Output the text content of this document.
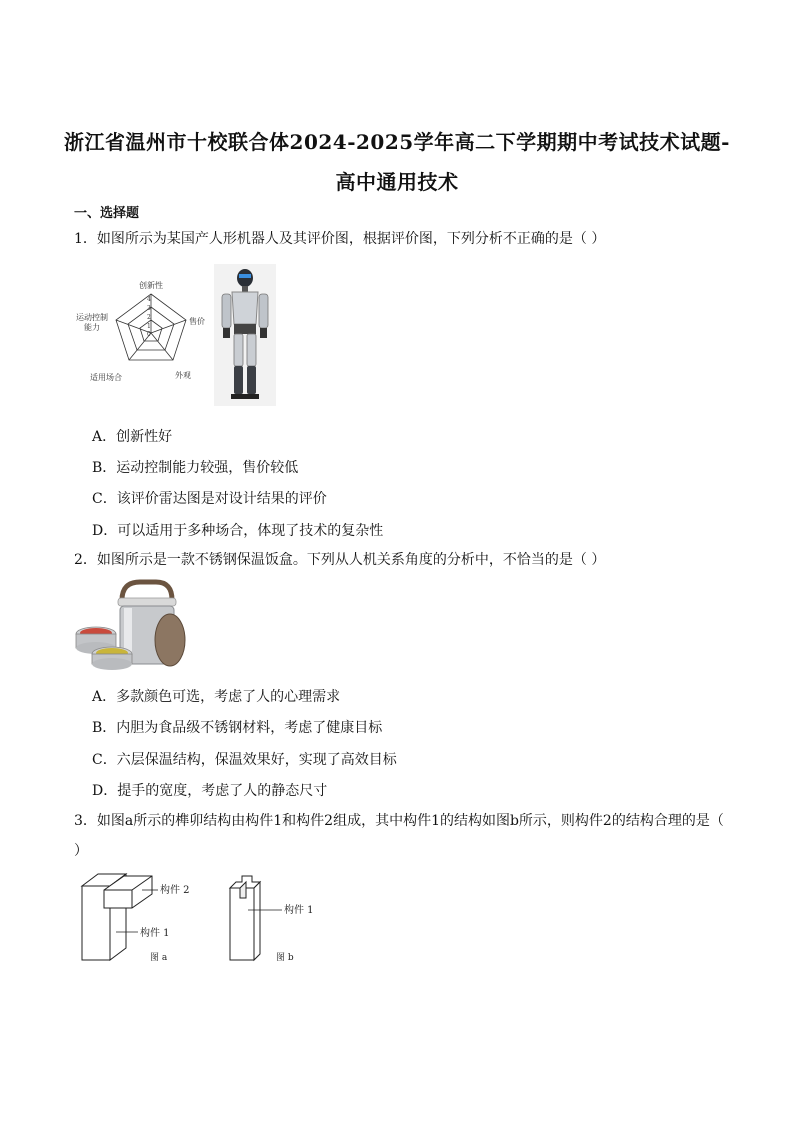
浙江省温州市十校联合体2024-2025学年高二下学期期中考试技术试题-
高中通用技术
一、选择题
1．如图所示为某国产人形机器人及其评价图，根据评价图，下列分析不正确的是（ ）
创新性
售价
外观
适用场合
运动控制
能力
0
1
2
3
4
A．创新性好
B．运动控制能力较强，售价较低
C．该评价雷达图是对设计结果的评价
D．可以适用于多种场合，体现了技术的复杂性
2．如图所示是一款不锈钢保温饭盒。下列从人机关系角度的分析中，不恰当的是（ ）
A．多款颜色可选，考虑了人的心理需求
B．内胆为食品级不锈钢材料，考虑了健康目标
C．六层保温结构，保温效果好，实现了高效目标
D．提手的宽度，考虑了人的静态尺寸
3．如图a所示的榫卯结构由构件1和构件2组成，其中构件1的结构如图b所示，则构件2的结构合理的是（ ）
构件 2
构件 1
图 a
构件 1
图 b
